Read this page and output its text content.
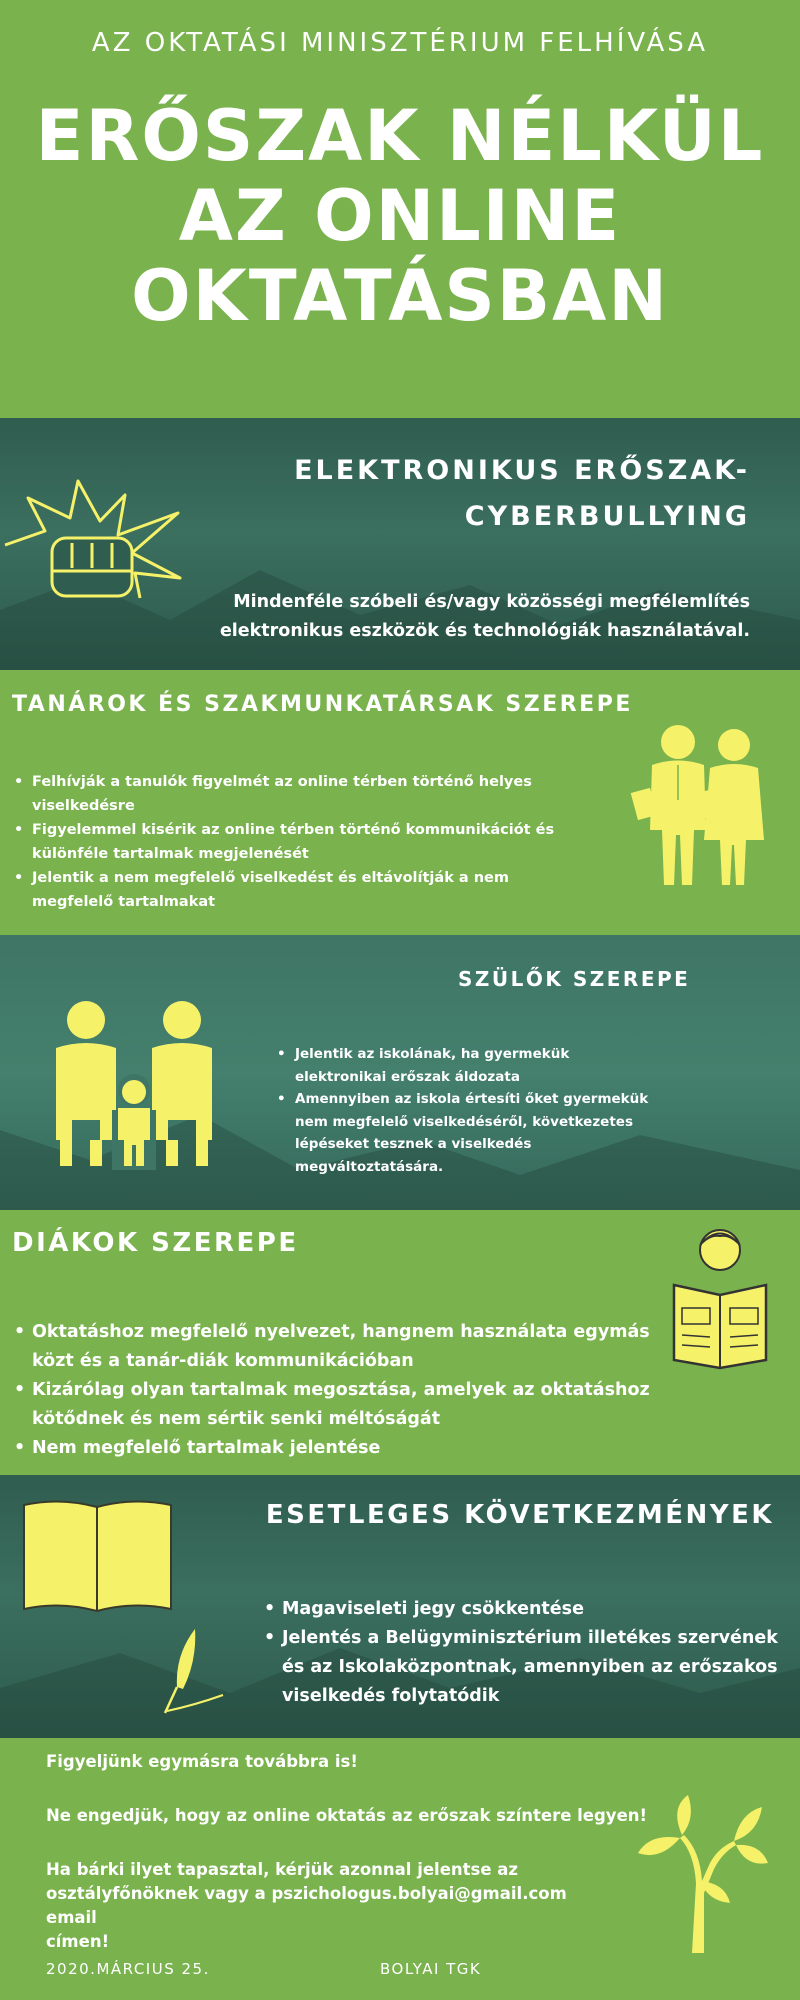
AZ OKTATÁSI MINISZTÉRIUM FELHÍVÁSA
ERŐSZAK NÉLKÜL
AZ ONLINE
OKTATÁSBAN
ELEKTRONIKUS ERŐSZAK-
CYBERBULLYING
Mindenféle szóbeli és/vagy közösségi megfélemlítés
elektronikus eszközök és technológiák használatával.
TANÁROK ÉS SZAKMUNKATÁRSAK SZEREPE
• Felhívják a tanulók figyelmét az online térben történő helyes
viselkedésre
• Figyelemmel kisérik az online térben történő kommunikációt és
különféle tartalmak megjelenését
• Jelentik a nem megfelelő viselkedést és eltávolítják a nem
megfelelő tartalmakat
SZÜLŐK SZEREPE
• Jelentik az iskolának, ha gyermekük
elektronikai erőszak áldozata
• Amennyiben az iskola értesíti őket gyermekük
nem megfelelő viselkedéséről, következetes
lépéseket tesznek a viselkedés
megváltoztatására.
DIÁKOK SZEREPE
• Oktatáshoz megfelelő nyelvezet, hangnem használata egymás
közt és a tanár-diák kommunikációban
• Kizárólag olyan tartalmak megosztása, amelyek az oktatáshoz
kötődnek és nem sértik senki méltóságát
• Nem megfelelő tartalmak jelentése
ESETLEGES KÖVETKEZMÉNYEK
• Magaviseleti jegy csökkentése
• Jelentés a Belügyminisztérium illetékes szervének
és az Iskolaközpontnak, amennyiben az erőszakos
viselkedés folytatódik
Figyeljünk egymásra továbbra is!
Ne engedjük, hogy az online oktatás az erőszak színtere legyen!
Ha bárki ilyet tapasztal, kérjük azonnal jelentse az
osztályfőnöknek vagy a pszichologus.bolyai@gmail.com email
címen!
2020.MÁRCIUS 25.	BOLYAI TGK
